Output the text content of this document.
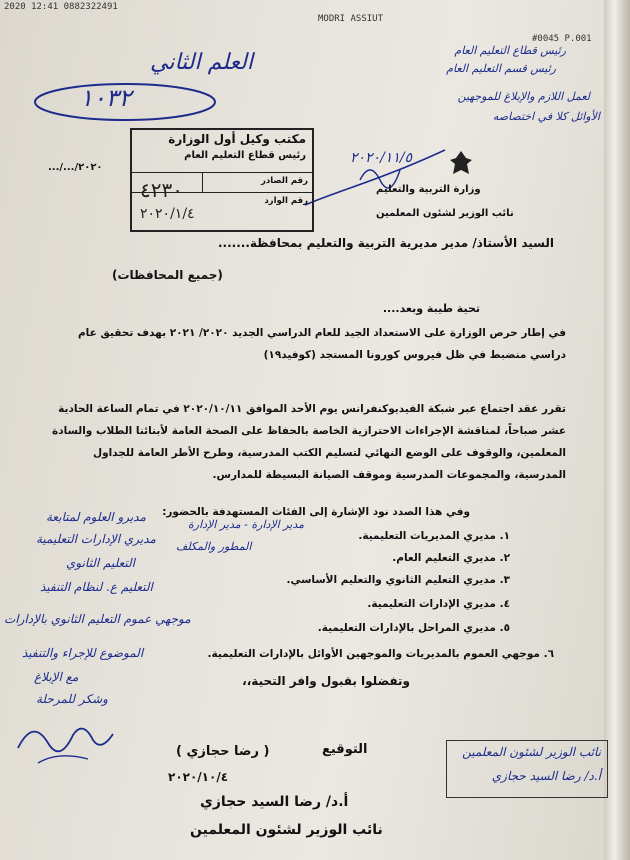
2020 12:41 0882322491
MODRI ASSIUT
#0045 P.001
العلم الثاني
١٠٣٢
رئيس قطاع التعليم العام
رئيس قسم التعليم العام
لعمل اللازم والإبلاغ للموجهين
الأوائل كلا في اختصاصه
٢٠٢٠/١١/٥
مكتب وكيل أول الوزارة
رئيس قطاع التعليم العام
رقم الصادر
٤٢٣٠	رقم الوارد
٢٠٢٠/١/٤
٢٠٢٠/.../...
وزارة التربية والتعليم
نائب الوزير لشئون المعلمين
السيد الأستاذ/ مدير مديرية التربية والتعليم بمحافظة.......
(جميع المحافظات)
تحية طيبة وبعد....
في إطار حرص الوزارة على الاستعداد الجيد للعام الدراسي الجديد ٢٠٢٠/ ٢٠٢١ بهدف تحقيق عام دراسي منضبط في ظل فيروس كورونا المستجد (كوفيد١٩)
تقرر عقد اجتماع عبر شبكة الفيديوكنفرانس يوم الأحد الموافق ٢٠٢٠/١٠/١١ في تمام الساعة الحادية عشر صباحاً، لمناقشة الإجراءات الاحترازية الخاصة بالحفاظ على الصحة العامة لأبنائنا الطلاب والسادة المعلمين، والوقوف على الوضع النهائي لتسليم الكتب المدرسية، وطرح الأطر العامة للجداول المدرسية، والمجموعات المدرسية وموقف الصيانة البسيطة للمدارس.
وفي هذا الصدد نود الإشارة إلى الفئات المستهدفة بالحضور:
١. مديري المديريات التعليمية.
٢. مديري التعليم العام.
٣. مديري التعليم الثانوي والتعليم الأساسي.
٤. مديري الإدارات التعليمية.
٥. مديري المراحل بالإدارات التعليمية.
٦. موجهي العموم بالمديريات والموجهين الأوائل بالإدارات التعليمية.
وتفضلوا بقبول وافر التحية،،
مديرو العلوم لمتابعة
مديري الإدارات التعليمية
التعليم الثانوي
التعليم ع. لنظام التنفيذ
موجهي عموم التعليم الثانوي بالإدارات
الموضوع للإجراء والتنفيذ
مع الإبلاغ
وشكر للمرحلة
مدير الإدارة - مدير الإدارة
المطور والمكلف
التوقيع
( رضا حجازي )
٢٠٢٠/١٠/٤
أ.د/ رضا السيد حجازي
نائب الوزير لشئون المعلمين
نائب الوزير لشئون المعلمين
أ.د/ رضا السيد حجازي
